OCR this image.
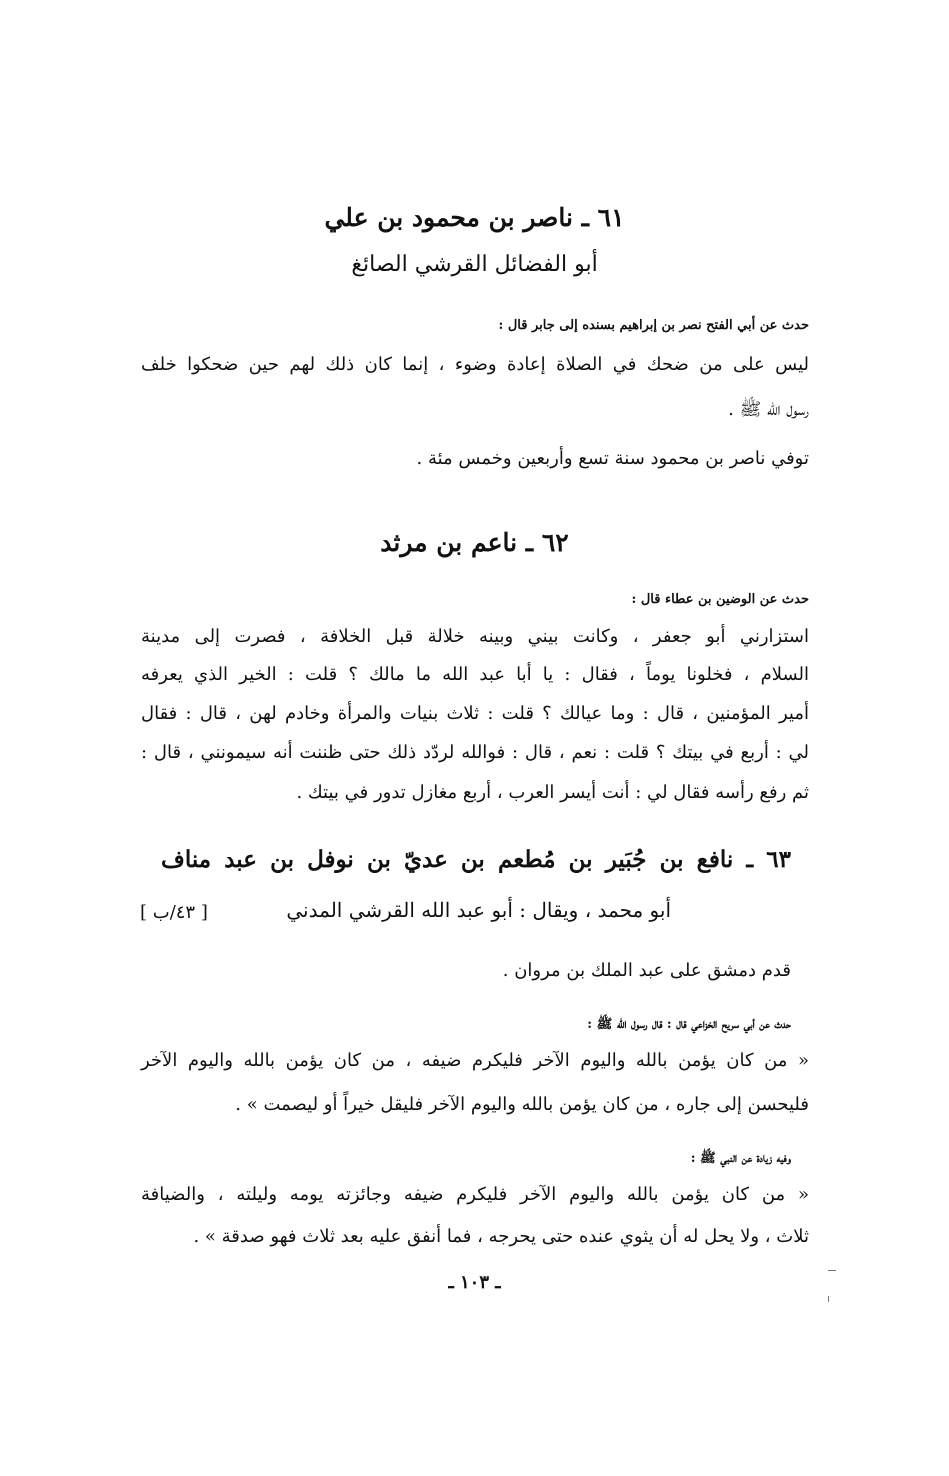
٦١ ـ ناصر بن محمود بن علي
أبو الفضائل القرشي الصائغ
حدث عن أبي الفتح نصر بن إبراهيم بسنده إلى جابر قال :
ليس على من ضحك في الصلاة إعادة وضوء ، إنما كان ذلك لهم حين ضحكوا خلف
رسول الله ﷺ .
توفي ناصر بن محمود سنة تسع وأربعين وخمس مئة .
٦٢ ـ ناعم بن مرثد
حدث عن الوضين بن عطاء قال :
استزارني أبو جعفر ، وكانت بيني وبينه خلالة قبل الخلافة ، فصرت إلى مدينة
السلام ، فخلونا يوماً ، فقال : يا أبا عبد الله ما مالك ؟ قلت : الخير الذي يعرفه
أمير المؤمنين ، قال : وما عيالك ؟ قلت : ثلاث بنيات والمرأة وخادم لهن ، قال : فقال
لي : أربع في بيتك ؟ قلت : نعم ، قال : فوالله لردّد ذلك حتى ظننت أنه سيمونني ، قال :
ثم رفع رأسه فقال لي : أنت أيسر العرب ، أربع مغازل تدور في بيتك .
٦٣ ـ نافع بن جُبَير بن مُطعم بن عديّ بن نوفل بن عبد مناف
أبو محمد ، ويقال : أبو عبد الله القرشي المدني
[ ٤٣/ب ]
قدم دمشق على عبد الملك بن مروان .
حدث عن أبي سريح الخزاعي قال : قال رسول الله ﷺ :
« من كان يؤمن بالله واليوم الآخر فليكرم ضيفه ، من كان يؤمن بالله واليوم الآخر
فليحسن إلى جاره ، من كان يؤمن بالله واليوم الآخر فليقل خيراً أو ليصمت » .
وفيه زيادة عن النبي ﷺ :
« من كان يؤمن بالله واليوم الآخر فليكرم ضيفه وجائزته يومه وليلته ، والضيافة
ثلاث ، ولا يحل له أن يثوي عنده حتى يحرجه ، فما أنفق عليه بعد ثلاث فهو صدقة » .
ـ ١٠٣ ـ
